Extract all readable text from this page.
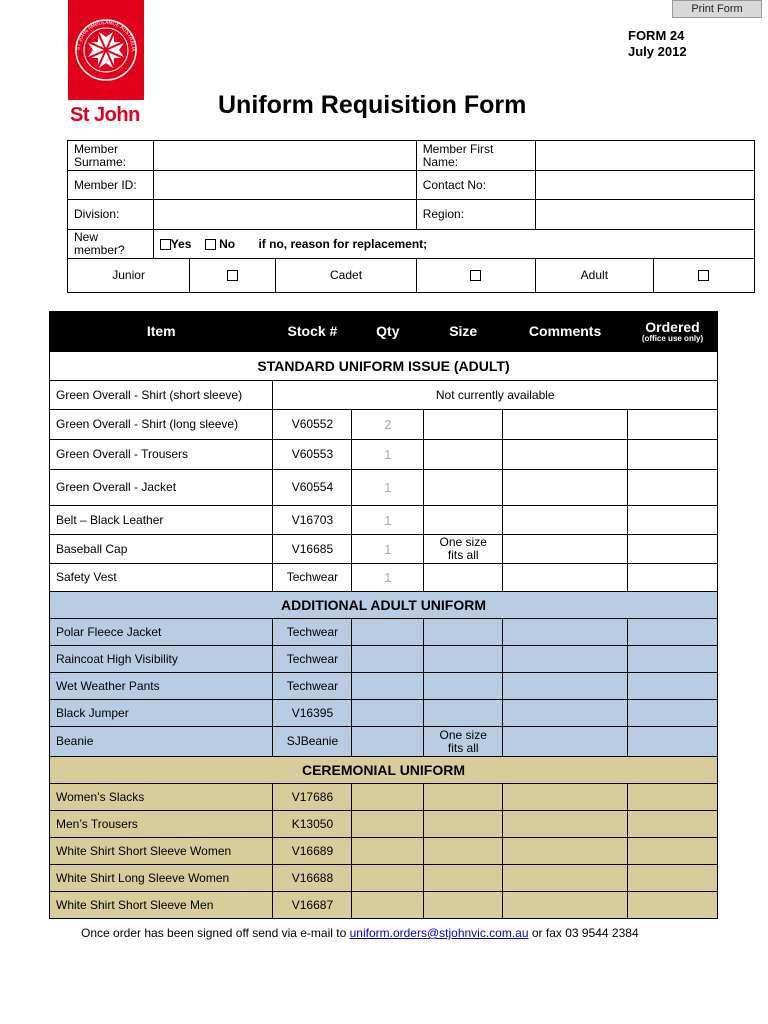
Print Form
ST JOHN AMBULANCE AUSTRALIA
St John
FORM 24
July 2012
Uniform Requisition Form
Member Surname:				Member First Name:		
Member ID:				Contact No:		
Division:				Region:		
New member?	Yes No if no, reason for replacement;					
Junior			Cadet		Adult	
Item	Stock #	Qty	Size	Comments	Ordered
(office use only)

STANDARD UNIFORM ISSUE (ADULT)					
Green Overall - Shirt (short sleeve)	Not currently available				
Green Overall - Shirt (long sleeve)	V60552	2			
Green Overall - Trousers	V60553	1			
Green Overall - Jacket	V60554	1			
Belt – Black Leather	V16703	1			
Baseball Cap	V16685	1	One size fits all		
Safety Vest	Techwear	1			
ADDITIONAL ADULT UNIFORM					
Polar Fleece Jacket	Techwear				
Raincoat High Visibility	Techwear				
Wet Weather Pants	Techwear				
Black Jumper	V16395				
Beanie	SJBeanie		One size fits all		
CEREMONIAL UNIFORM					
Women’s Slacks	V17686				
Men’s Trousers	K13050				
White Shirt Short Sleeve Women	V16689				
White Shirt Long Sleeve Women	V16688				
White Shirt Short Sleeve Men	V16687				
Once order has been signed off send via e-mail to uniform.orders@stjohnvic.com.au or fax 03 9544 2384
